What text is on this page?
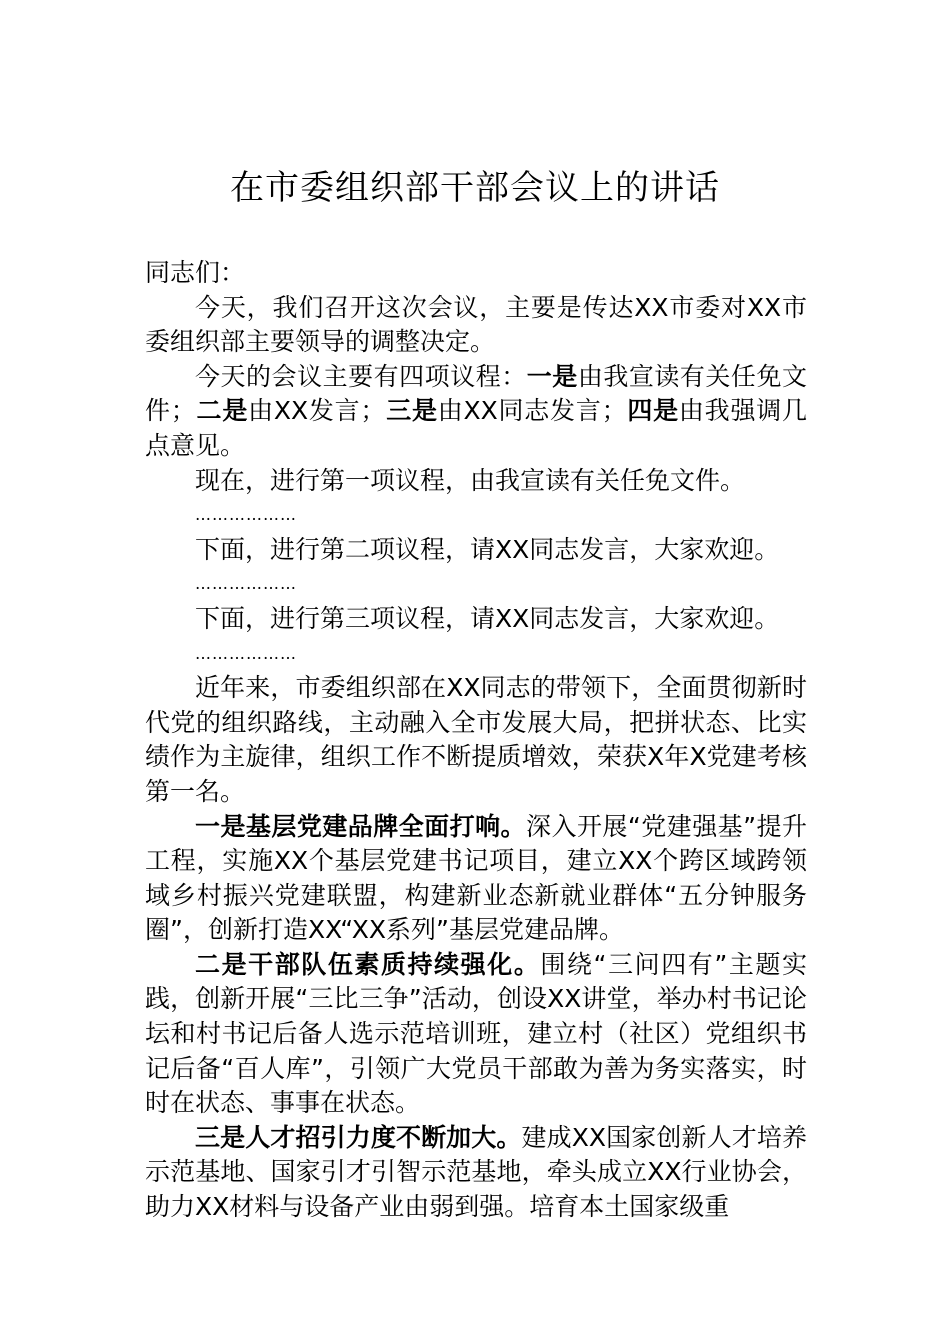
在市委组织部干部会议上的讲话

同志们：

今天，我们召开这次会议，主要是传达XX市委对XX市委组织部主要领导的调整决定。

今天的会议主要有四项议程：一是由我宣读有关任免文件；二是由XX发言；三是由XX同志发言；四是由我强调几点意见。

现在，进行第一项议程，由我宣读有关任免文件。

………………

下面，进行第二项议程，请XX同志发言，大家欢迎。

………………

下面，进行第三项议程，请XX同志发言，大家欢迎。

………………

近年来，市委组织部在XX同志的带领下，全面贯彻新时代党的组织路线，主动融入全市发展大局，把拼状态、比实绩作为主旋律，组织工作不断提质增效，荣获X年X党建考核第一名。

一是基层党建品牌全面打响。深入开展“党建强基”提升工程，实施XX个基层党建书记项目，建立XX个跨区域跨领域乡村振兴党建联盟，构建新业态新就业群体“五分钟服务圈”，创新打造XX“XX系列”基层党建品牌。

二是干部队伍素质持续强化。围绕“三问四有”主题实践，创新开展“三比三争”活动，创设XX讲堂，举办村书记论坛和村书记后备人选示范培训班，建立村（社区）党组织书记后备“百人库”，引领广大党员干部敢为善为务实落实，时时在状态、事事在状态。

三是人才招引力度不断加大。建成XX国家创新人才培养示范基地、国家引才引智示范基地，牵头成立XX行业协会，助力XX材料与设备产业由弱到强。培育本土国家级重
